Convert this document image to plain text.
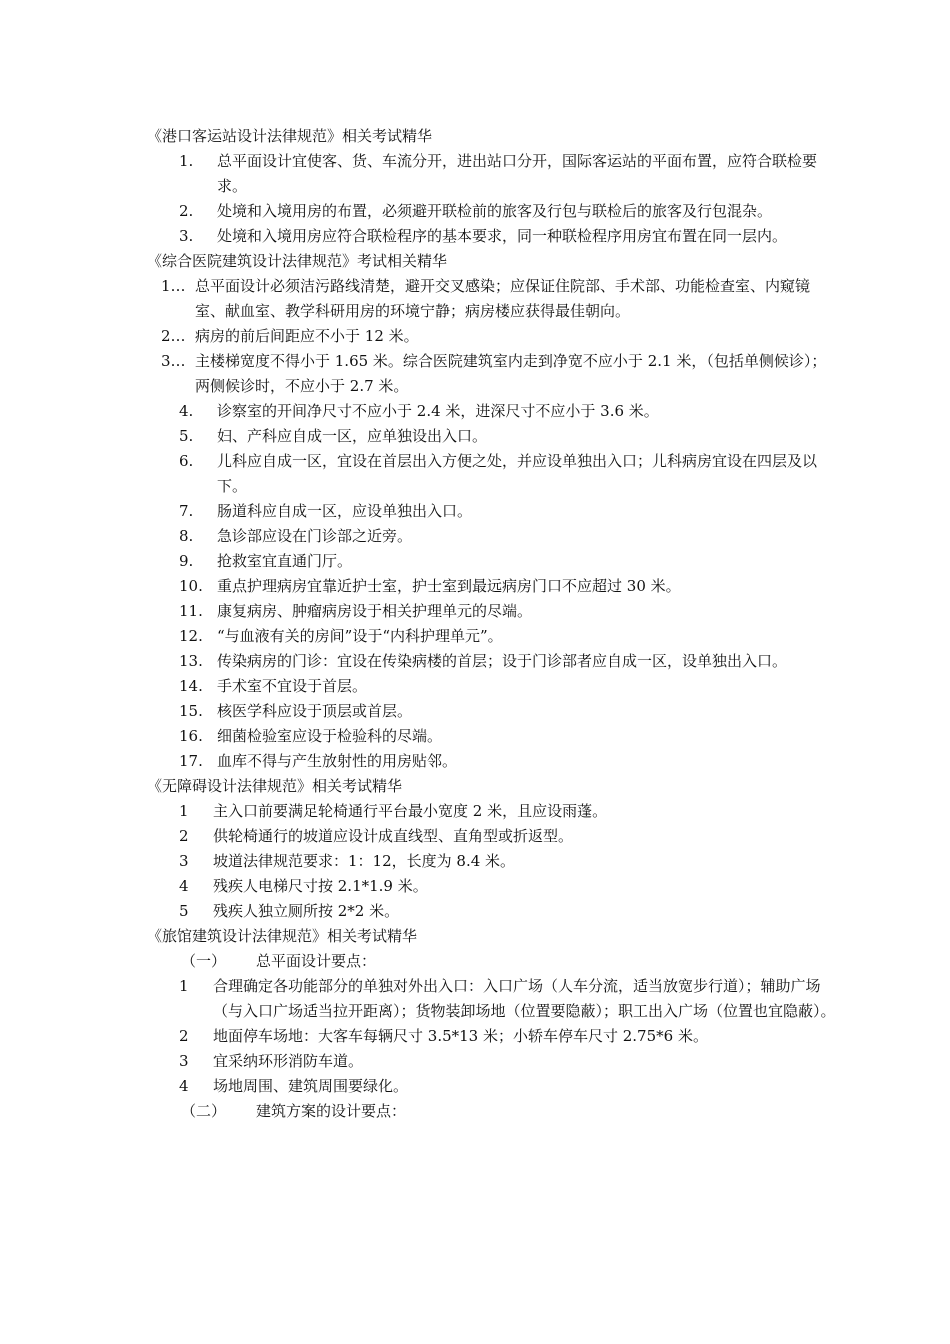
《港口客运站设计法律规范》相关考试精华
1. 总平面设计宜使客、货、车流分开，进出站口分开，国际客运站的平面布置，应符合联检要求。
2. 处境和入境用房的布置，必须避开联检前的旅客及行包与联检后的旅客及行包混杂。
3. 处境和入境用房应符合联检程序的基本要求，同一种联检程序用房宜布置在同一层内。
《综合医院建筑设计法律规范》考试相关精华
1… 总平面设计必须洁污路线清楚，避开交叉感染；应保证住院部、手术部、功能检查室、内窥镜室、献血室、教学科研用房的环境宁静；病房楼应获得最佳朝向。
2… 病房的前后间距应不小于 12 米。
3… 主楼梯宽度不得小于 1.65 米。综合医院建筑室内走到净宽不应小于 2.1 米，（包括单侧候诊）；两侧候诊时，不应小于 2.7 米。
4. 诊察室的开间净尺寸不应小于 2.4 米，进深尺寸不应小于 3.6 米。
5. 妇、产科应自成一区，应单独设出入口。
6. 儿科应自成一区，宜设在首层出入方便之处，并应设单独出入口；儿科病房宜设在四层及以下。
7. 肠道科应自成一区，应设单独出入口。
8. 急诊部应设在门诊部之近旁。
9. 抢救室宜直通门厅。
10. 重点护理病房宜靠近护士室，护士室到最远病房门口不应超过 30 米。
11. 康复病房、肿瘤病房设于相关护理单元的尽端。
12. “与血液有关的房间”设于“内科护理单元”。
13. 传染病房的门诊：宜设在传染病楼的首层；设于门诊部者应自成一区，设单独出入口。
14. 手术室不宜设于首层。
15. 核医学科应设于顶层或首层。
16. 细菌检验室应设于检验科的尽端。
17. 血库不得与产生放射性的用房贴邻。
《无障碍设计法律规范》相关考试精华
1 主入口前要满足轮椅通行平台最小宽度 2 米，且应设雨蓬。
2 供轮椅通行的坡道应设计成直线型、直角型或折返型。
3 坡道法律规范要求：1：12，长度为 8.4 米。
4 残疾人电梯尺寸按 2.1*1.9 米。
5 残疾人独立厕所按 2*2 米。
《旅馆建筑设计法律规范》相关考试精华
（一） 总平面设计要点：
1 合理确定各功能部分的单独对外出入口：入口广场（人车分流，适当放宽步行道）；辅助广场（与入口广场适当拉开距离）；货物装卸场地（位置要隐蔽）；职工出入广场（位置也宜隐蔽）。
2 地面停车场地：大客车每辆尺寸 3.5*13 米；小轿车停车尺寸 2.75*6 米。
3 宜采纳环形消防车道。
4 场地周围、建筑周围要绿化。
（二） 建筑方案的设计要点：
